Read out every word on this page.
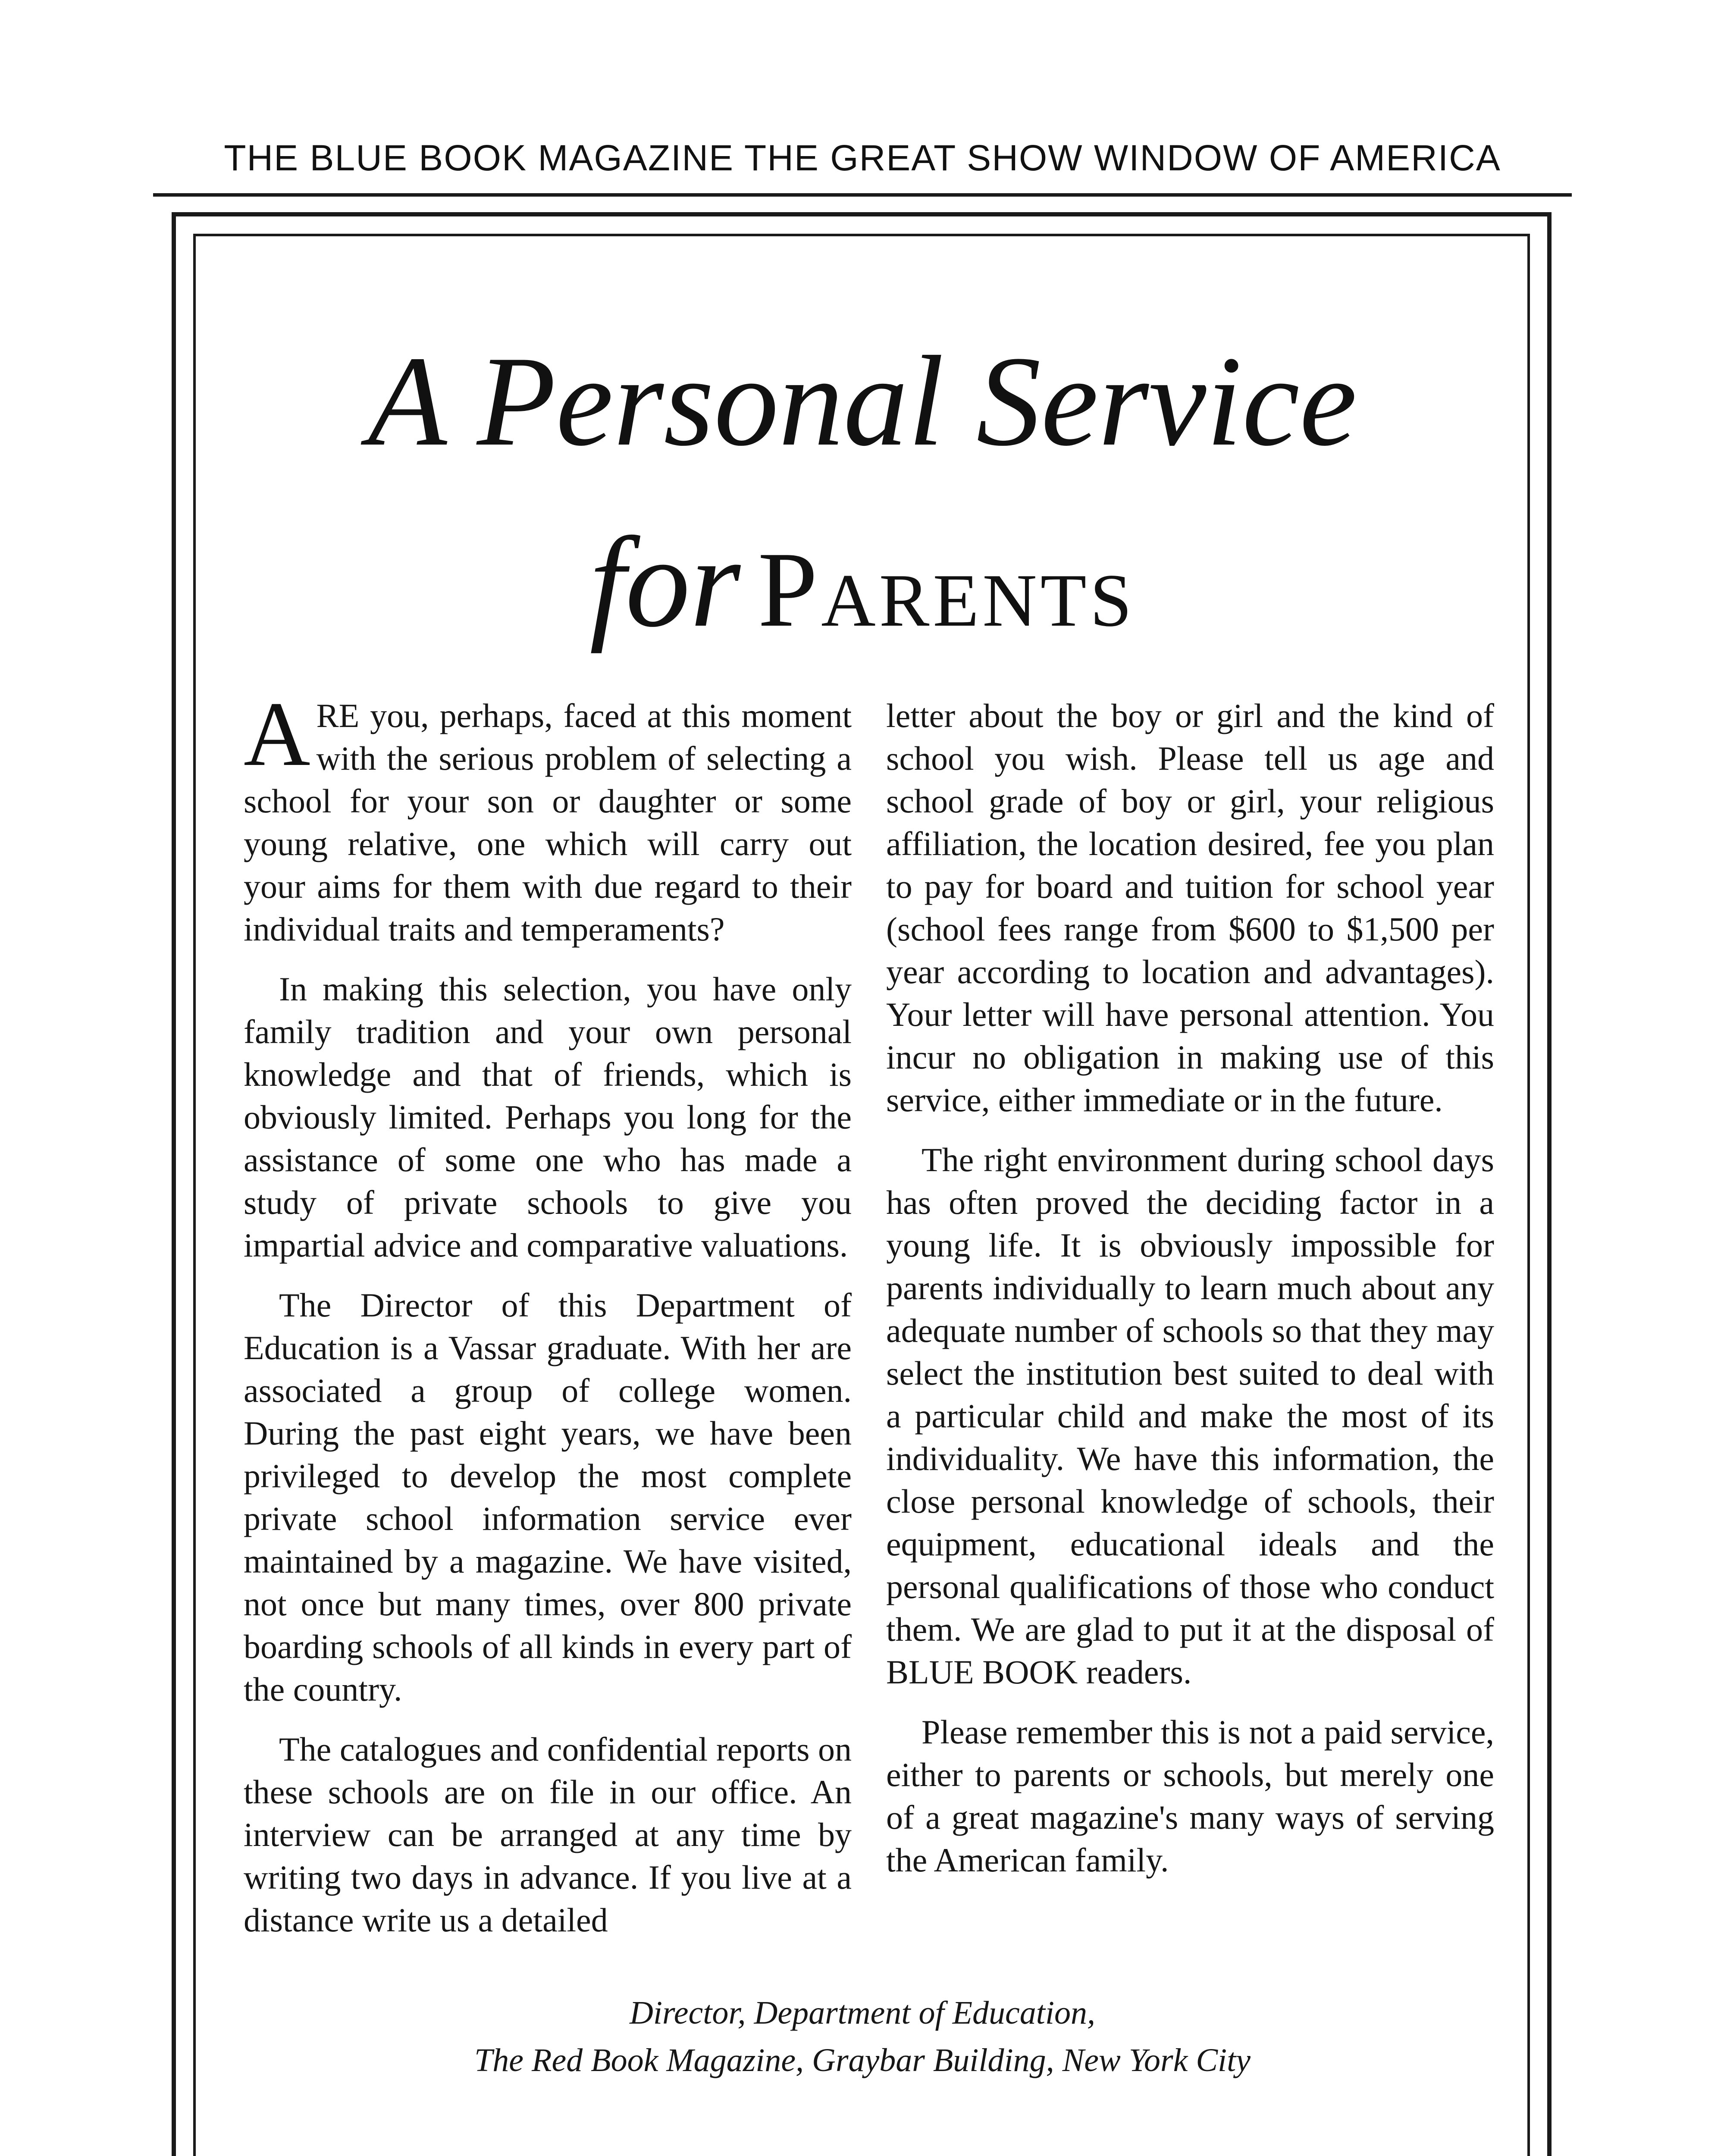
THE BLUE BOOK MAGAZINE THE GREAT SHOW WINDOW OF AMERICA
A Personal Service
for Parents

ARE you, perhaps, faced at this moment with the serious problem of selecting a school for your son or daughter or some young relative, one which will carry out your aims for them with due regard to their individual traits and temperaments?

In making this selection, you have only family tradition and your own personal knowledge and that of friends, which is obviously limited. Perhaps you long for the assistance of some one who has made a study of private schools to give you impartial advice and comparative valuations.

The Director of this Department of Education is a Vassar graduate. With her are associated a group of college women. During the past eight years, we have been privileged to develop the most complete private school information service ever maintained by a magazine. We have visited, not once but many times, over 800 private boarding schools of all kinds in every part of the country.

The catalogues and confidential reports on these schools are on file in our office. An interview can be arranged at any time by writing two days in advance. If you live at a distance write us a detailed

letter about the boy or girl and the kind of school you wish. Please tell us age and school grade of boy or girl, your religious affiliation, the location desired, fee you plan to pay for board and tuition for school year (school fees range from $600 to $1,500 per year according to location and advantages). Your letter will have personal attention. You incur no obligation in making use of this service, either immediate or in the future.

The right environment during school days has often proved the deciding factor in a young life. It is obviously impossible for parents individually to learn much about any adequate number of schools so that they may select the institution best suited to deal with a particular child and make the most of its individuality. We have this information, the close personal knowledge of schools, their equipment, educational ideals and the personal qualifications of those who conduct them. We are glad to put it at the disposal of BLUE BOOK readers.

Please remember this is not a paid service, either to parents or schools, but merely one of a great magazine's many ways of serving the American family.

Director, Department of Education,
The Red Book Magazine, Graybar Building, New York City
